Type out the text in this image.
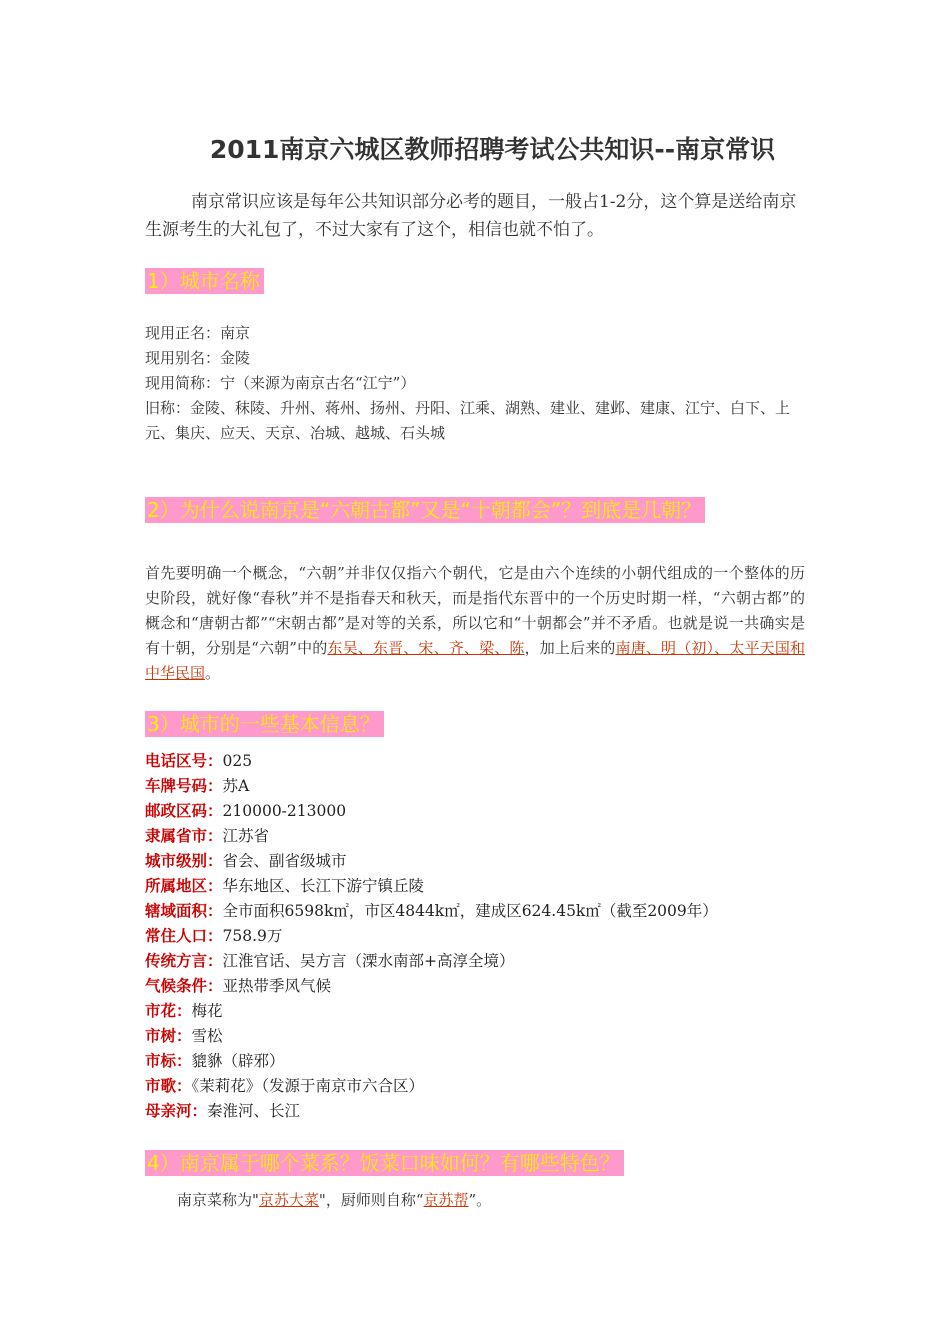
2011南京六城区教师招聘考试公共知识--南京常识
南京常识应该是每年公共知识部分必考的题目，一般占1-2分，这个算是送给南京生源考生的大礼包了，不过大家有了这个，相信也就不怕了。
1）城市名称
现用正名：南京
现用别名：金陵
现用简称：宁（来源为南京古名“江宁”）
旧称：金陵、秣陵、升州、蒋州、扬州、丹阳、江乘、湖熟、建业、建邺、建康、江宁、白下、上元、集庆、应天、天京、冶城、越城、石头城
2）为什么说南京是“六朝古都”又是“十朝都会”？到底是几朝？
首先要明确一个概念，“六朝”并非仅仅指六个朝代，它是由六个连续的小朝代组成的一个整体的历史阶段，就好像“春秋”并不是指春天和秋天，而是指代东晋中的一个历史时期一样，“六朝古都”的概念和“唐朝古都”“宋朝古都”是对等的关系，所以它和“十朝都会”并不矛盾。也就是说一共确实是有十朝，分别是“六朝”中的东吴、东晋、宋、齐、梁、陈，加上后来的南唐、明（初）、太平天国和中华民国。
3）城市的一些基本信息？
电话区号：025
车牌号码：苏A
邮政区码：210000-213000
隶属省市：江苏省
城市级别：省会、副省级城市
所属地区：华东地区、长江下游宁镇丘陵
辖域面积：全市面积6598k㎡，市区4844k㎡，建成区624.45k㎡（截至2009年）
常住人口：758.9万
传统方言：江淮官话、吴方言（溧水南部+高淳全境）
气候条件：亚热带季风气候
市花：梅花
市树：雪松
市标：貔貅（辟邪）
市歌：《茉莉花》（发源于南京市六合区）
母亲河：秦淮河、长江
4）南京属于哪个菜系？饭菜口味如何？有哪些特色？
南京菜称为"京苏大菜"，厨师则自称“京苏帮”。
